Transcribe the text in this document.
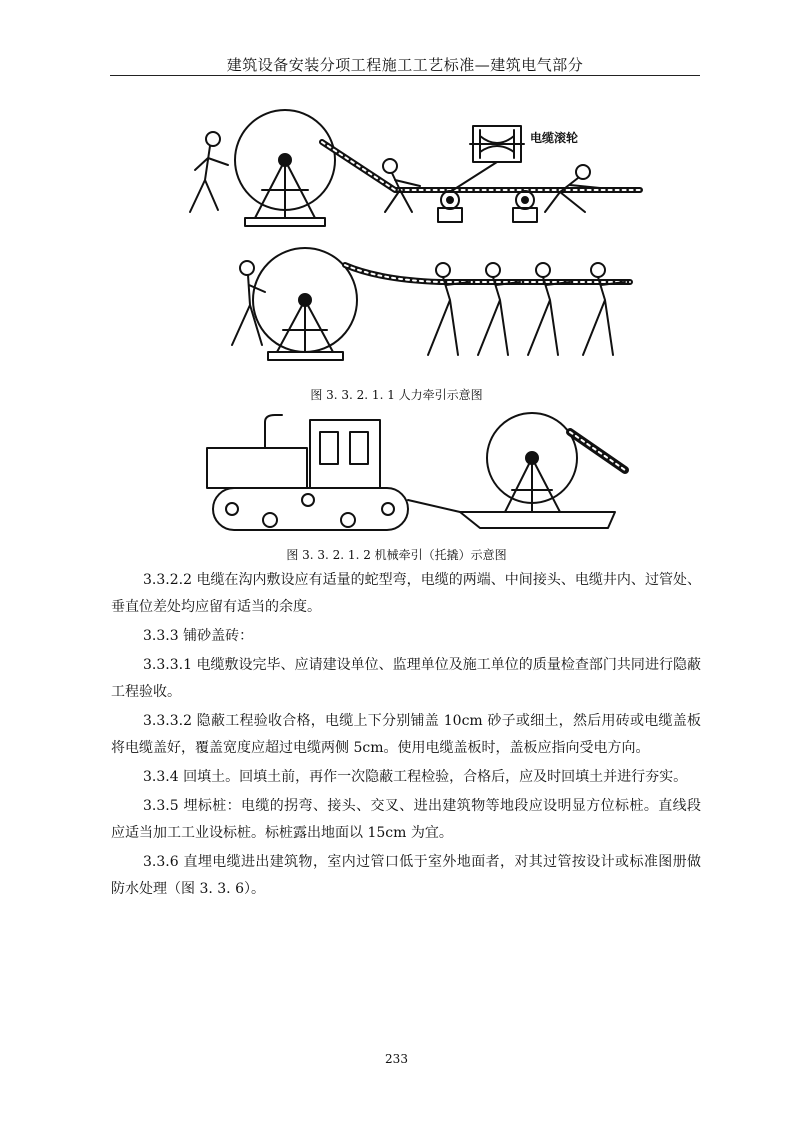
建筑设备安装分项工程施工工艺标准—建筑电气部分
电缆滚轮
图 3. 3. 2. 1. 1 人力牵引示意图
图 3. 3. 2. 1. 2 机械牵引（托撬）示意图

3.3.2.2 电缆在沟内敷设应有适量的蛇型弯，电缆的两端、中间接头、电缆井内、过管处、垂直位差处均应留有适当的余度。

3.3.3 铺砂盖砖：

3.3.3.1 电缆敷设完毕、应请建设单位、监理单位及施工单位的质量检查部门共同进行隐蔽工程验收。

3.3.3.2 隐蔽工程验收合格，电缆上下分别铺盖 10cm 砂子或细土，然后用砖或电缆盖板将电缆盖好，覆盖宽度应超过电缆两侧 5cm。使用电缆盖板时，盖板应指向受电方向。

3.3.4 回填土。回填土前，再作一次隐蔽工程检验，合格后，应及时回填土并进行夯实。

3.3.5 埋标桩：电缆的拐弯、接头、交叉、进出建筑物等地段应设明显方位标桩。直线段应适当加工工业设标桩。标桩露出地面以 15cm 为宜。

3.3.6 直埋电缆进出建筑物，室内过管口低于室外地面者，对其过管按设计或标准图册做防水处理（图 3. 3. 6）。

233
